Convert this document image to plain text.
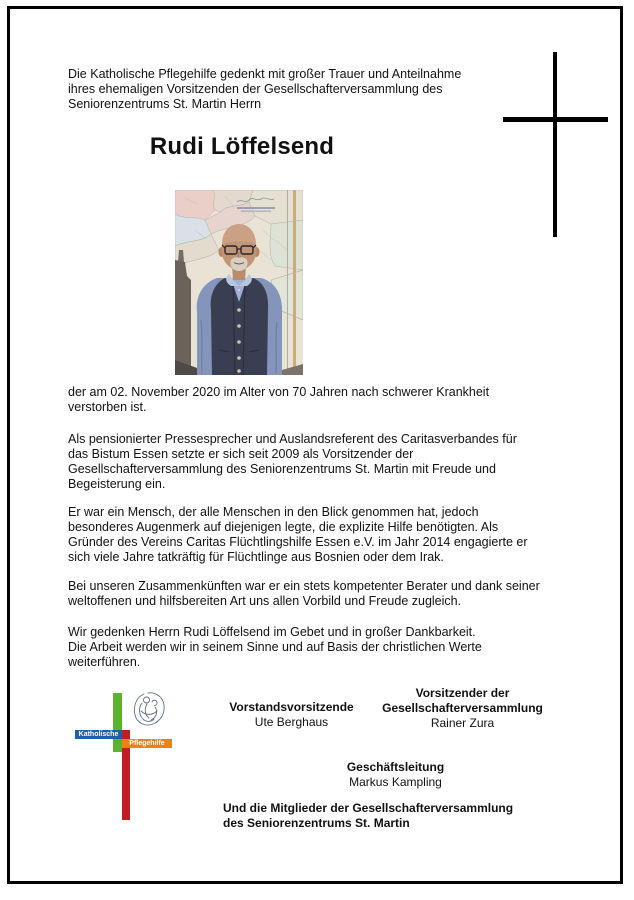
Die Katholische Pflegehilfe gedenkt mit großer Trauer und Anteilnahme
ihres ehemaligen Vorsitzenden der Gesellschafterversammlung des
Seniorenzentrums St. Martin Herrn
Rudi Löffelsend
der am 02. November 2020 im Alter von 70 Jahren nach schwerer Krankheit
verstorben ist.
Als pensionierter Pressesprecher und Auslandsreferent des Caritasverbandes für
das Bistum Essen setzte er sich seit 2009 als Vorsitzender der
Gesellschafterversammlung des Seniorenzentrums St. Martin mit Freude und
Begeisterung ein.
Er war ein Mensch, der alle Menschen in den Blick genommen hat, jedoch
besonderes Augenmerk auf diejenigen legte, die explizite Hilfe benötigten. Als
Gründer des Vereins Caritas Flüchtlingshilfe Essen e.V. im Jahr 2014 engagierte er
sich viele Jahre tatkräftig für Flüchtlinge aus Bosnien oder dem Irak.
Bei unseren Zusammenkünften war er ein stets kompetenter Berater und dank seiner
weltoffenen und hilfsbereiten Art uns allen Vorbild und Freude zugleich.
Wir gedenken Herrn Rudi Löffelsend im Gebet und in großer Dankbarkeit.
Die Arbeit werden wir in seinem Sinne und auf Basis der christlichen Werte
weiterführen.
Vorstandsvorsitzende
Ute Berghaus
Vorsitzender der
Gesellschafterversammlung
Rainer Zura
Geschäftsleitung
Markus Kampling
Und die Mitglieder der Gesellschafterversammlung
des Seniorenzentrums St. Martin
Katholische
Pflegehilfe
